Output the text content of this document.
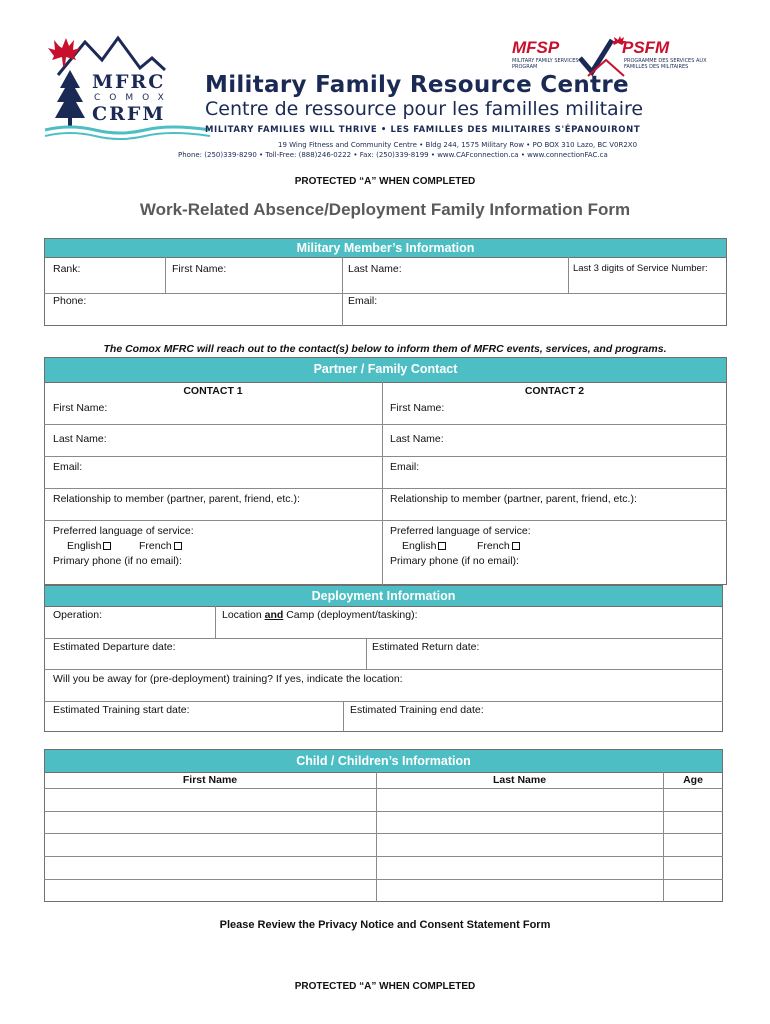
MFRC
COMOX
CRFM
Military Family Resource Centre
Centre de ressource pour les familles militaire
MILITARY FAMILIES WILL THRIVE • LES FAMILLES DES MILITAIRES S'ÉPANOUIRONT
19 Wing Fitness and Community Centre • Bldg 244, 1575 Military Row • PO BOX 310 Lazo, BC V0R2X0
Phone: (250)339-8290 • Toll-Free: (888)246-0222 • Fax: (250)339-8199 • www.CAFconnection.ca • www.connectionFAC.ca
MFSP
MILITARY FAMILY SERVICES PROGRAM
PSFM
PROGRAMME DES SERVICES AUX FAMILLES DES MILITAIRES
PROTECTED “A” WHEN COMPLETED
Work-Related Absence/Deployment Family Information Form
Military Member’s Information
Rank:	First Name:	Last Name:	Last 3 digits of Service Number:
Phone:	Email:
The Comox MFRC will reach out to the contact(s) below to inform them of MFRC events, services, and programs.
Partner / Family Contact
CONTACT 1	CONTACT 2
First Name:	First Name:
Last Name:	Last Name:
Email:	Email:
Relationship to member (partner, parent, friend, etc.):	Relationship to member (partner, parent, friend, etc.):
Preferred language of service:
English	French
Primary phone (if no email):
Preferred language of service:
English	French
Primary phone (if no email):
Deployment Information
Operation:	Location and Camp (deployment/tasking):
Estimated Departure date:	Estimated Return date:
Will you be away for (pre-deployment) training? If yes, indicate the location:
Estimated Training start date:	Estimated Training end date:
Child / Children’s Information
First Name	Last Name	Age
Please Review the Privacy Notice and Consent Statement Form
PROTECTED “A” WHEN COMPLETED
